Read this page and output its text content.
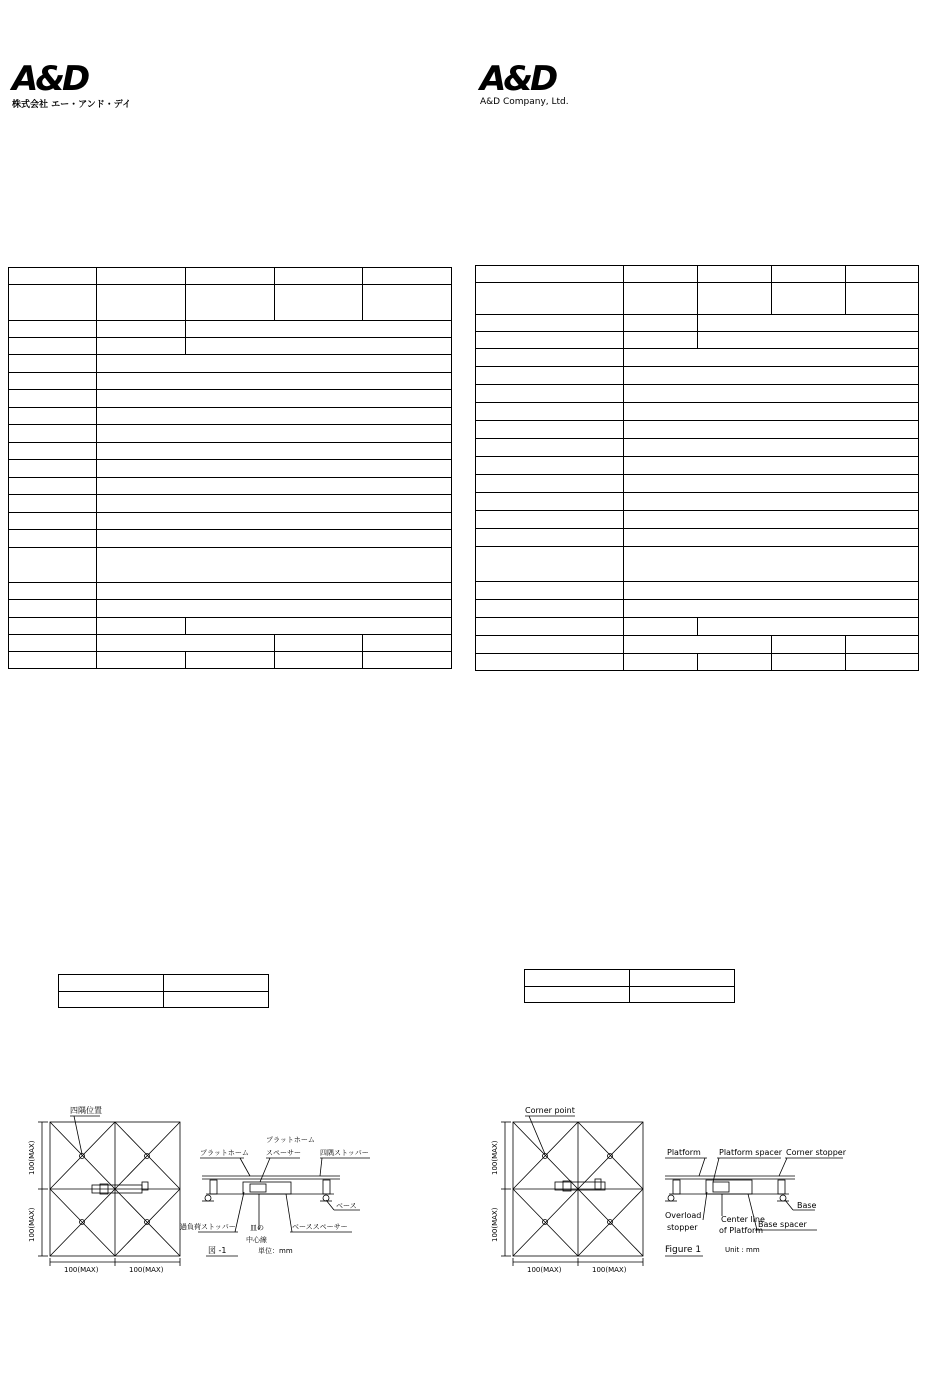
A&D
株式会社 エー・アンド・デイ

四隅位置
100(MAX)
100(MAX)
100(MAX)	100(MAX)
プラットホーム
プラットホーム
スペーサー	四隅ストッパー
ベース
過負荷ストッパー 皿の
中心線
ベーススペーサー
図 -1	単位：mm
A&D
A&D Company, Ltd.

Corner point
100(MAX)
100(MAX)
100(MAX)	100(MAX)
Platform Platform spacer Corner stopper
Base
Overload
stopper
Center line
of Platform
Base spacer
Figure 1	Unit : mm
